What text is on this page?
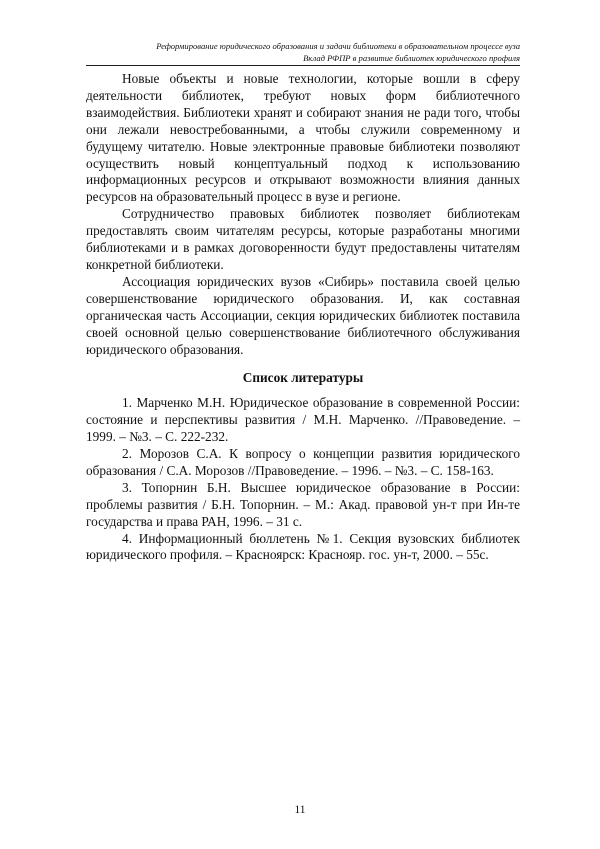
Реформирование юридического образования и задачи библиотеки в образовательном процессе вуза
Вклад РФПР в развитие библиотек юридического профиля

Новые объекты и новые технологии, которые вошли в сферу деятельности библиотек, требуют новых форм библиотечного взаимодействия. Библиотеки хранят и собирают знания не ради того, чтобы они лежали невостребованными, а чтобы служили современному и будущему читателю. Новые электронные правовые библиотеки позволяют осуществить новый концептуальный подход к использованию информационных ресурсов и открывают возможности влияния данных ресурсов на образовательный процесс в вузе и регионе.

Сотрудничество правовых библиотек позволяет библиотекам предоставлять своим читателям ресурсы, которые разработаны многими библиотеками и в рамках договоренности будут предоставлены читателям конкретной библиотеки.

Ассоциация юридических вузов «Сибирь» поставила своей целью совершенствование юридического образования. И, как составная органическая часть Ассоциации, секция юридических библиотек поставила своей основной целью совершенствование библиотечного обслуживания юридического образования.

Список литературы

1. Марченко М.Н. Юридическое образование в современной России: состояние и перспективы развития / М.Н. Марченко. //Правоведение. – 1999. – №3. – С. 222-232.

2. Морозов С.А. К вопросу о концепции развития юридического образования / С.А. Морозов //Правоведение. – 1996. – №3. – С. 158-163.

3. Топорнин Б.Н. Высшее юридическое образование в России: проблемы развития / Б.Н. Топорнин. – М.: Акад. правовой ун-т при Ин-те государства и права РАН, 1996. – 31 с.

4. Информационный бюллетень №1. Секция вузовских библиотек юридического профиля. – Красноярск: Краснояр. гос. ун-т, 2000. – 55с.

11
